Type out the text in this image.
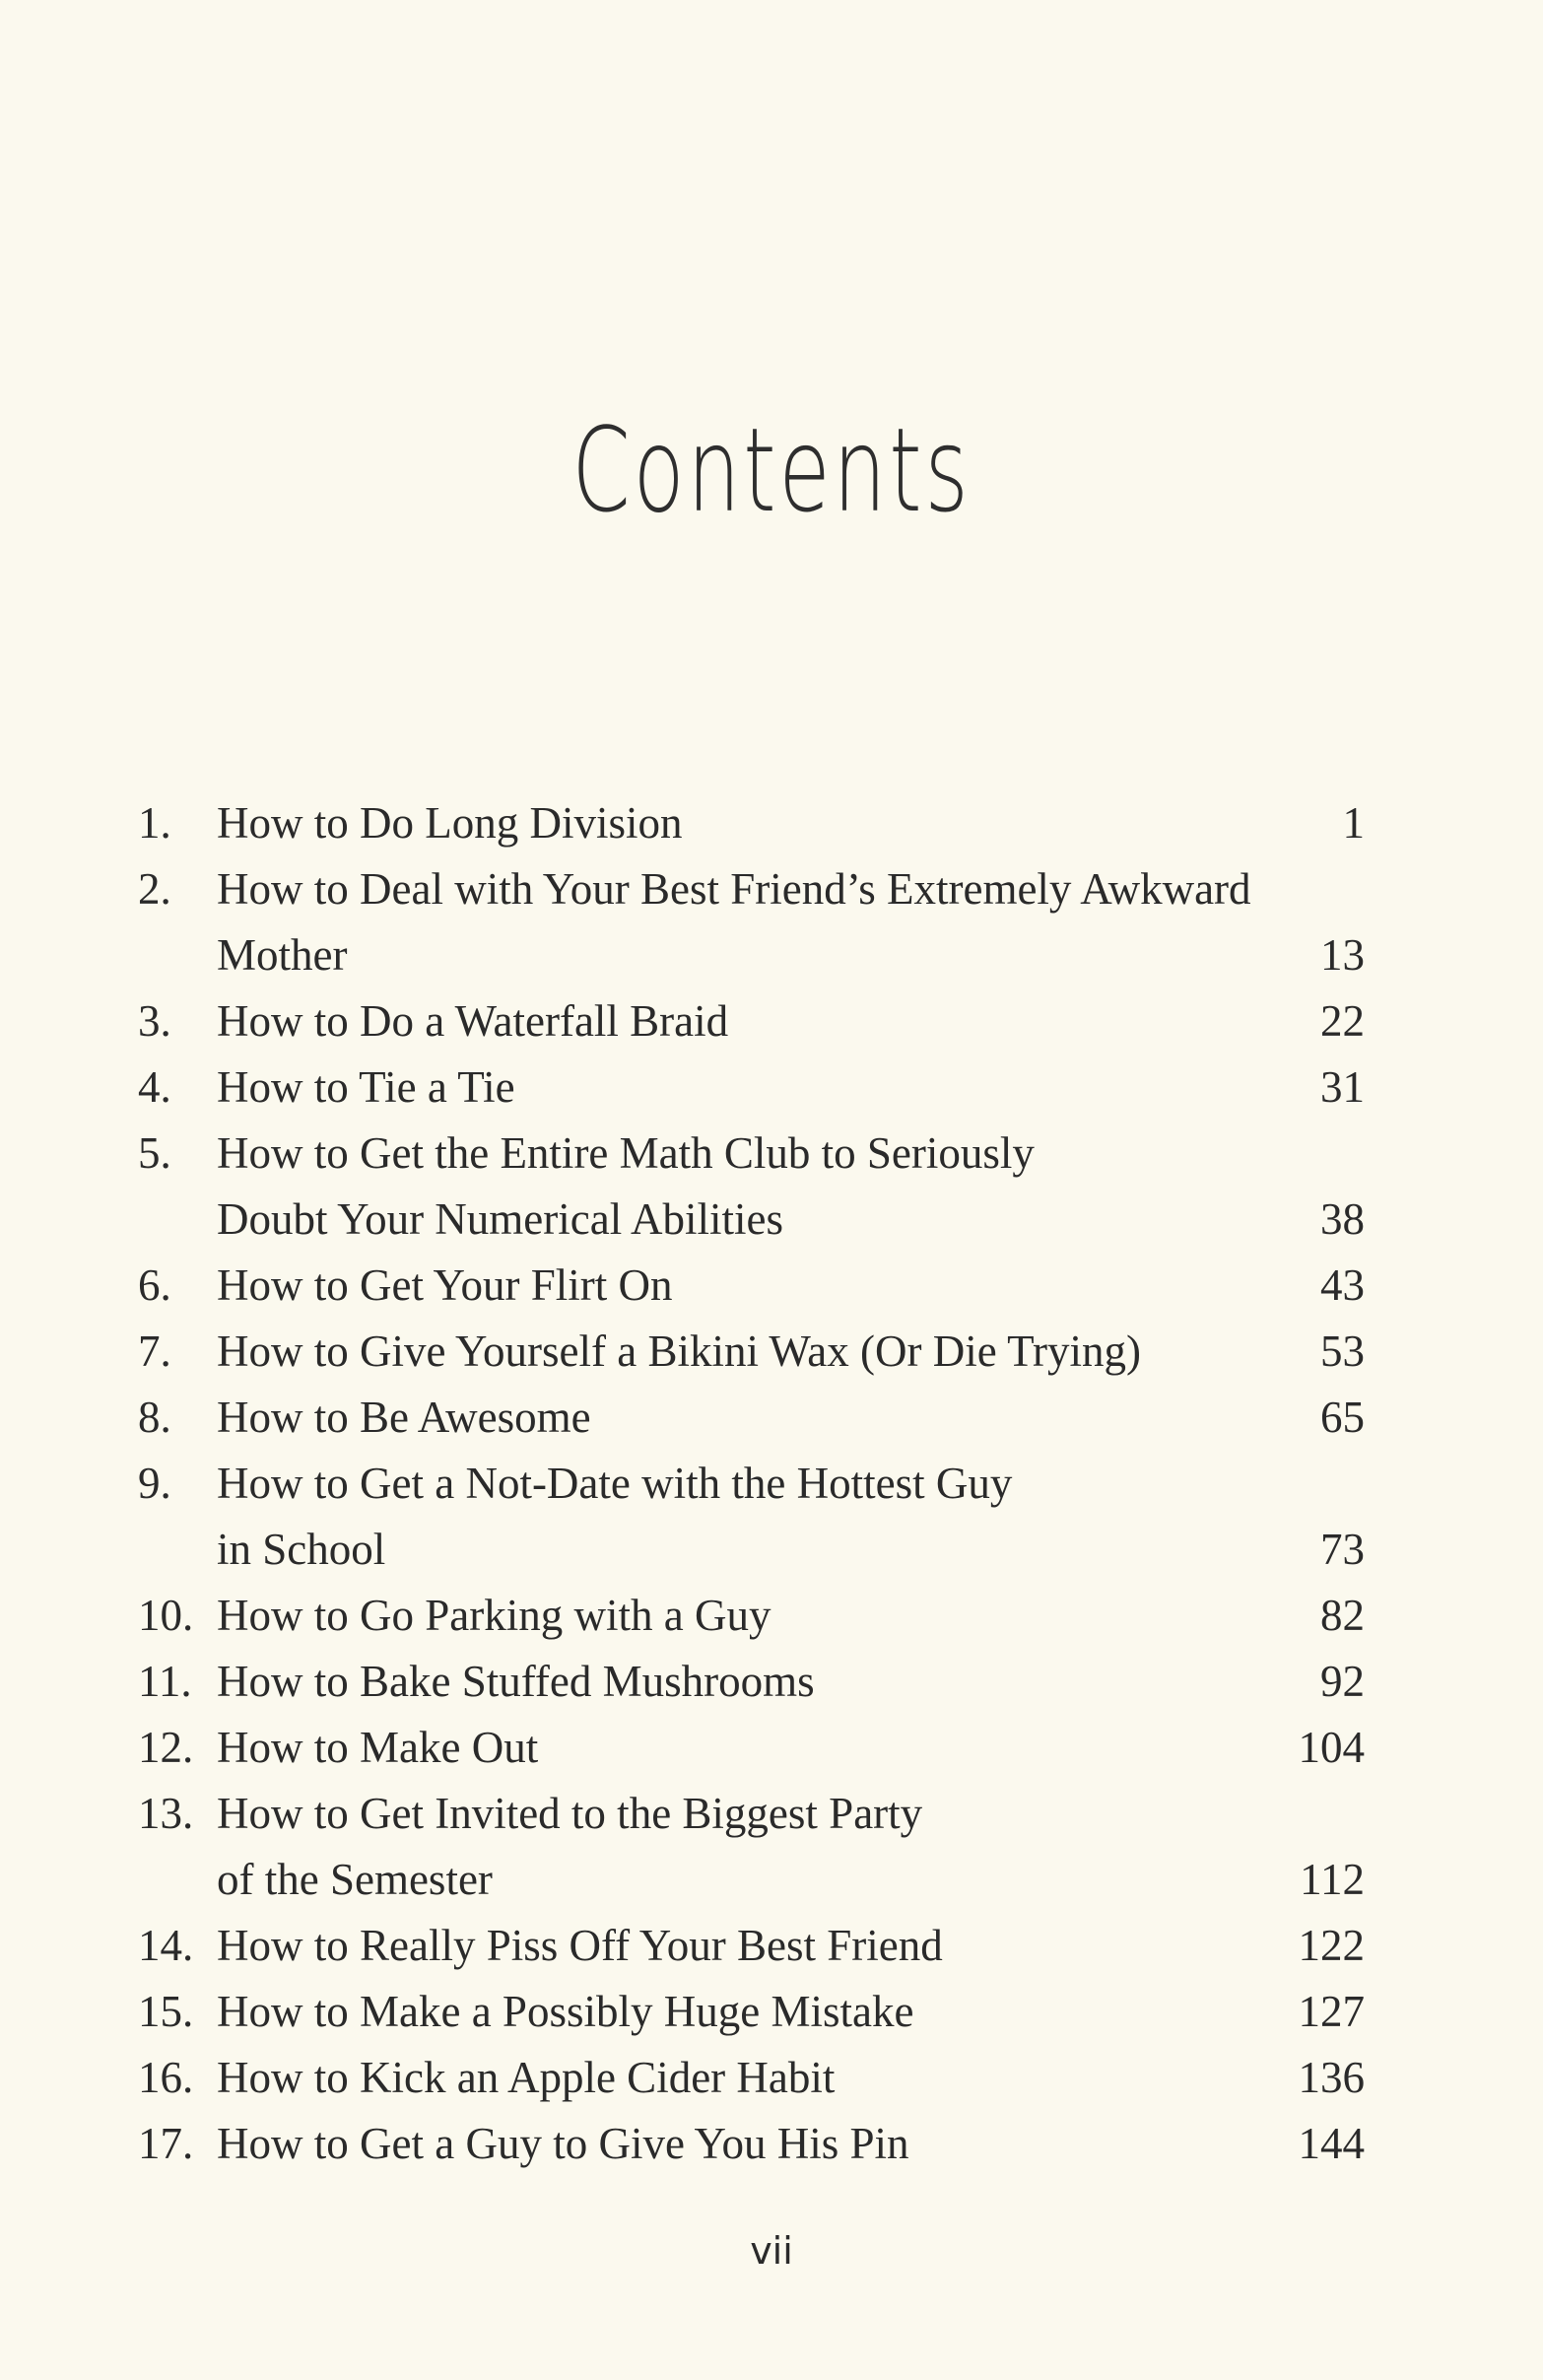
Contents
1. How to Do Long Division	1
2. How to Deal with Your Best Friend’s Extremely Awkward
Mother	13
3. How to Do a Waterfall Braid	22
4. How to Tie a Tie	31
5. How to Get the Entire Math Club to Seriously
Doubt Your Numerical Abilities	38
6. How to Get Your Flirt On	43
7. How to Give Yourself a Bikini Wax (Or Die Trying)	53
8. How to Be Awesome	65
9. How to Get a Not-Date with the Hottest Guy
in School	73
10. How to Go Parking with a Guy	82
11. How to Bake Stuffed Mushrooms	92
12. How to Make Out	104
13. How to Get Invited to the Biggest Party
of the Semester	112
14. How to Really Piss Off Your Best Friend	122
15. How to Make a Possibly Huge Mistake	127
16. How to Kick an Apple Cider Habit	136
17. How to Get a Guy to Give You His Pin	144
vii
